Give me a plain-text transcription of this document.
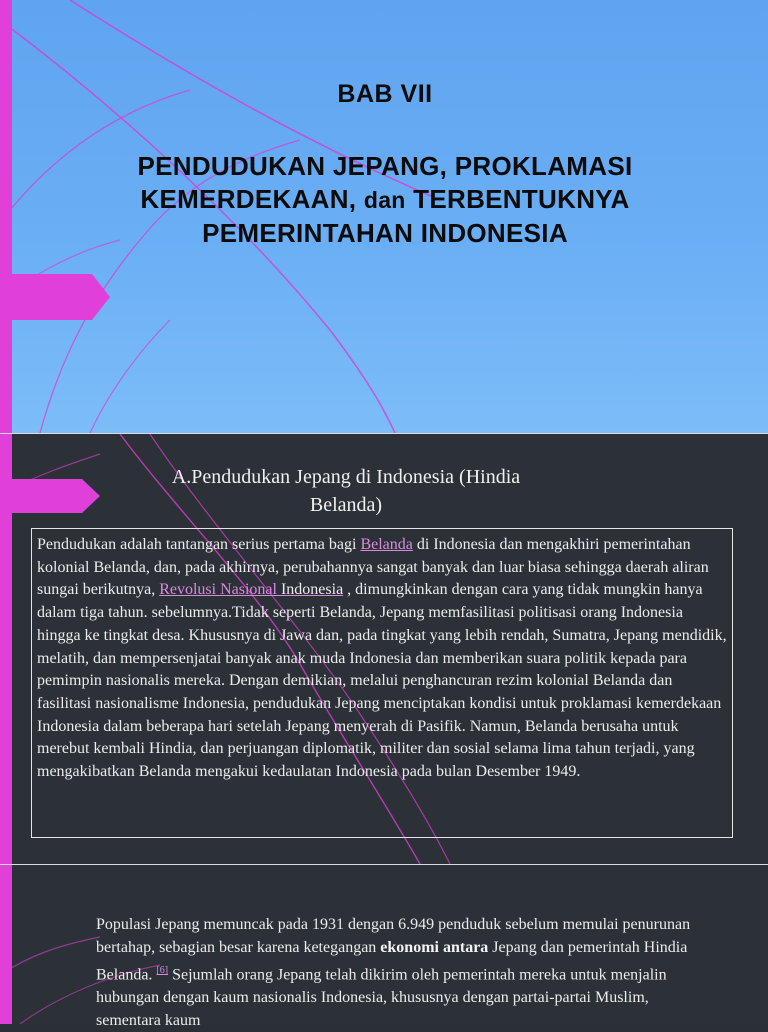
BAB VII
PENDUDUKAN JEPANG, PROKLAMASI
KEMERDEKAAN, dan TERBENTUKNYA
PEMERINTAHAN INDONESIA
A.Pendudukan Jepang di Indonesia (Hindia
Belanda)
Pendudukan adalah tantangan serius pertama bagi Belanda di Indonesia dan mengakhiri pemerintahan kolonial Belanda, dan, pada akhirnya, perubahannya sangat banyak dan luar biasa sehingga daerah aliran sungai berikutnya, Revolusi Nasional Indonesia , dimungkinkan dengan cara yang tidak mungkin hanya dalam tiga tahun. sebelumnya.Tidak seperti Belanda, Jepang memfasilitasi politisasi orang Indonesia hingga ke tingkat desa. Khususnya di Jawa dan, pada tingkat yang lebih rendah, Sumatra, Jepang mendidik, melatih, dan mempersenjatai banyak anak muda Indonesia dan memberikan suara politik kepada para pemimpin nasionalis mereka. Dengan demikian, melalui penghancuran rezim kolonial Belanda dan fasilitasi nasionalisme Indonesia, pendudukan Jepang menciptakan kondisi untuk proklamasi kemerdekaan Indonesia dalam beberapa hari setelah Jepang menyerah di Pasifik. Namun, Belanda berusaha untuk merebut kembali Hindia, dan perjuangan diplomatik, militer dan sosial selama lima tahun terjadi, yang mengakibatkan Belanda mengakui kedaulatan Indonesia pada bulan Desember 1949.
Populasi Jepang memuncak pada 1931 dengan 6.949 penduduk sebelum memulai penurunan bertahap, sebagian besar karena ketegangan ekonomi antara Jepang dan pemerintah Hindia Belanda. [6] Sejumlah orang Jepang telah dikirim oleh pemerintah mereka untuk menjalin hubungan dengan kaum nasionalis Indonesia, khususnya dengan partai-partai Muslim, sementara kaum
